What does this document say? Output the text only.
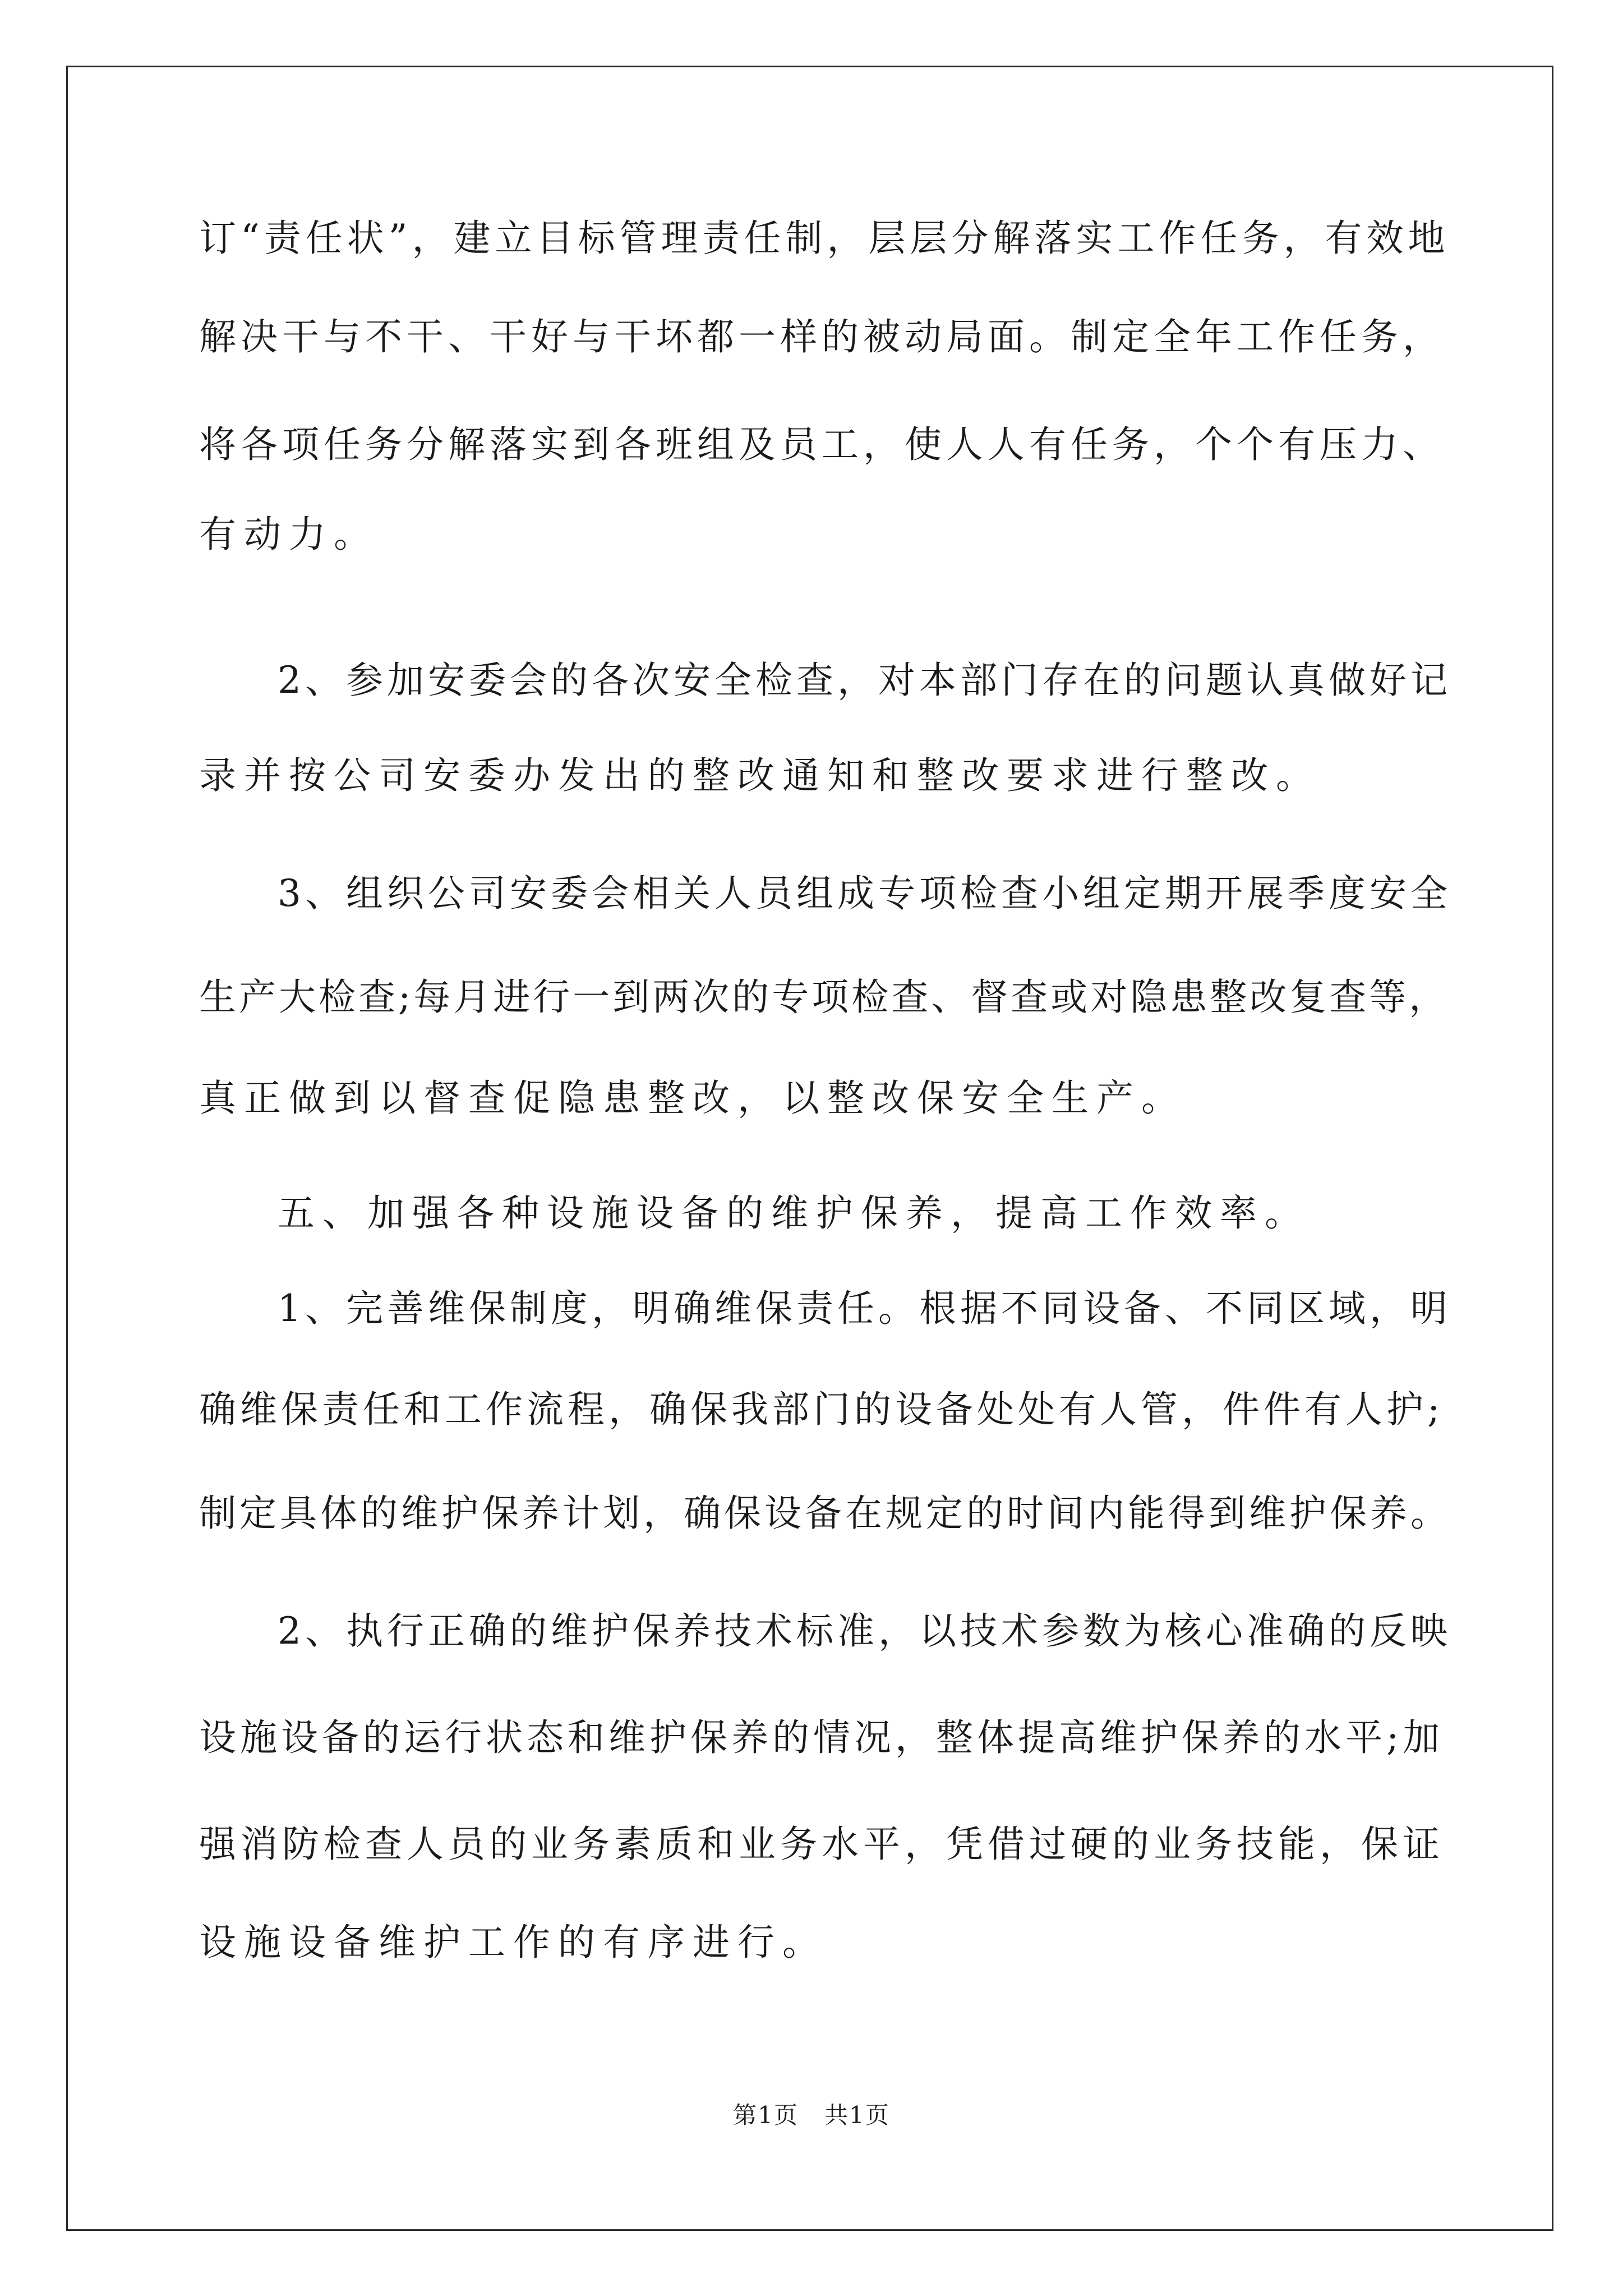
订“责任状”，建立目标管理责任制，层层分解落实工作任务，有效地
解决干与不干、干好与干坏都一样的被动局面。制定全年工作任务，
将各项任务分解落实到各班组及员工，使人人有任务，个个有压力、
有动力。
2、参加安委会的各次安全检查，对本部门存在的问题认真做好记
录并按公司安委办发出的整改通知和整改要求进行整改。
3、组织公司安委会相关人员组成专项检查小组定期开展季度安全
生产大检查;每月进行一到两次的专项检查、督查或对隐患整改复查等，
真正做到以督查促隐患整改，以整改保安全生产。
五、加强各种设施设备的维护保养，提高工作效率。
1、完善维保制度，明确维保责任。根据不同设备、不同区域，明
确维保责任和工作流程，确保我部门的设备处处有人管，件件有人护;
制定具体的维护保养计划，确保设备在规定的时间内能得到维护保养。
2、执行正确的维护保养技术标准，以技术参数为核心准确的反映
设施设备的运行状态和维护保养的情况，整体提高维护保养的水平;加
强消防检查人员的业务素质和业务水平，凭借过硬的业务技能，保证
设施设备维护工作的有序进行。
第1页   共1页
